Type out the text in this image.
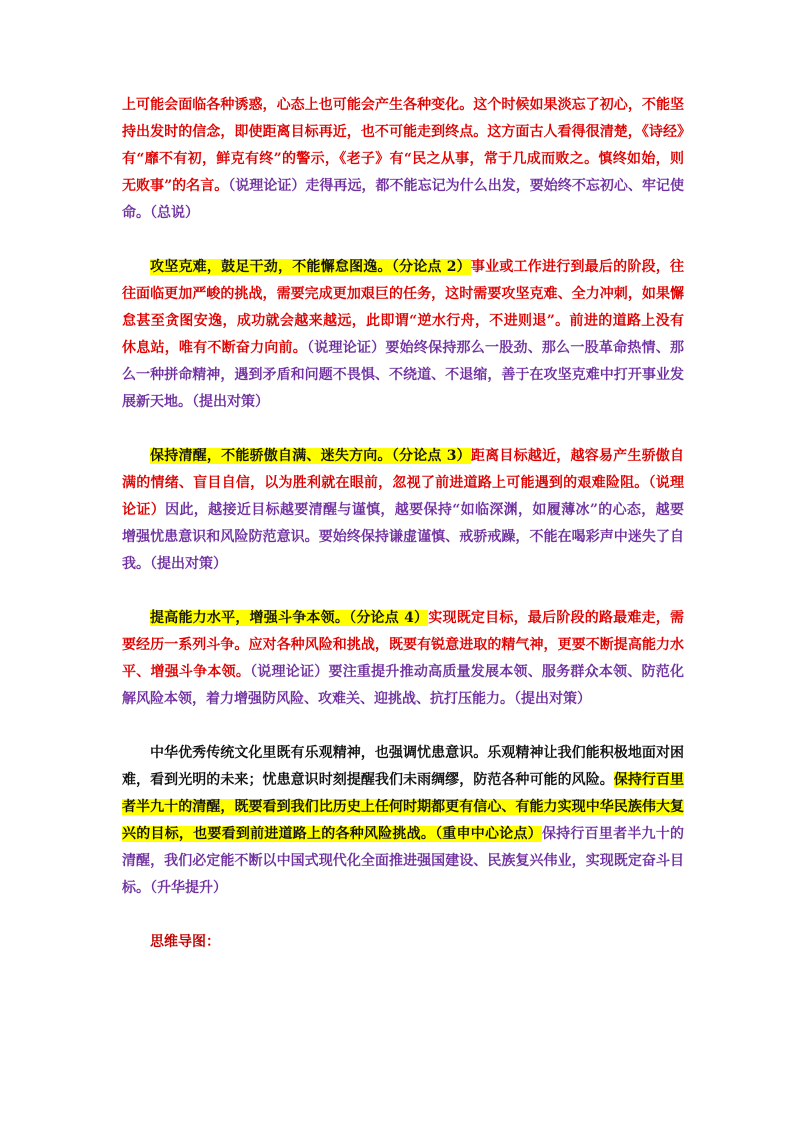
上可能会面临各种诱惑，心态上也可能会产生各种变化。这个时候如果淡忘了初心，不能坚持出发时的信念，即使距离目标再近，也不可能走到终点。这方面古人看得很清楚，《诗经》有“靡不有初，鲜克有终”的警示，《老子》有“民之从事，常于几成而败之。慎终如始，则无败事”的名言。（说理论证）走得再远，都不能忘记为什么出发，要始终不忘初心、牢记使命。（总说）

攻坚克难，鼓足干劲，不能懈怠图逸。（分论点 2）事业或工作进行到最后的阶段，往往面临更加严峻的挑战，需要完成更加艰巨的任务，这时需要攻坚克难、全力冲刺，如果懈怠甚至贪图安逸，成功就会越来越远，此即谓“逆水行舟，不进则退”。前进的道路上没有休息站，唯有不断奋力向前。（说理论证）要始终保持那么一股劲、那么一股革命热情、那么一种拼命精神，遇到矛盾和问题不畏惧、不绕道、不退缩，善于在攻坚克难中打开事业发展新天地。（提出对策）

保持清醒，不能骄傲自满、迷失方向。（分论点 3）距离目标越近，越容易产生骄傲自满的情绪、盲目自信，以为胜利就在眼前，忽视了前进道路上可能遇到的艰难险阻。（说理论证）因此，越接近目标越要清醒与谨慎，越要保持“如临深渊，如履薄冰”的心态，越要增强忧患意识和风险防范意识。要始终保持谦虚谨慎、戒骄戒躁，不能在喝彩声中迷失了自我。（提出对策）

提高能力水平，增强斗争本领。（分论点 4）实现既定目标，最后阶段的路最难走，需要经历一系列斗争。应对各种风险和挑战，既要有锐意进取的精气神，更要不断提高能力水平、增强斗争本领。（说理论证）要注重提升推动高质量发展本领、服务群众本领、防范化解风险本领，着力增强防风险、攻难关、迎挑战、抗打压能力。（提出对策）

中华优秀传统文化里既有乐观精神，也强调忧患意识。乐观精神让我们能积极地面对困难，看到光明的未来；忧患意识时刻提醒我们未雨绸缪，防范各种可能的风险。保持行百里者半九十的清醒，既要看到我们比历史上任何时期都更有信心、有能力实现中华民族伟大复兴的目标，也要看到前进道路上的各种风险挑战。（重申中心论点）保持行百里者半九十的清醒，我们必定能不断以中国式现代化全面推进强国建设、民族复兴伟业，实现既定奋斗目标。（升华提升）

思维导图：
